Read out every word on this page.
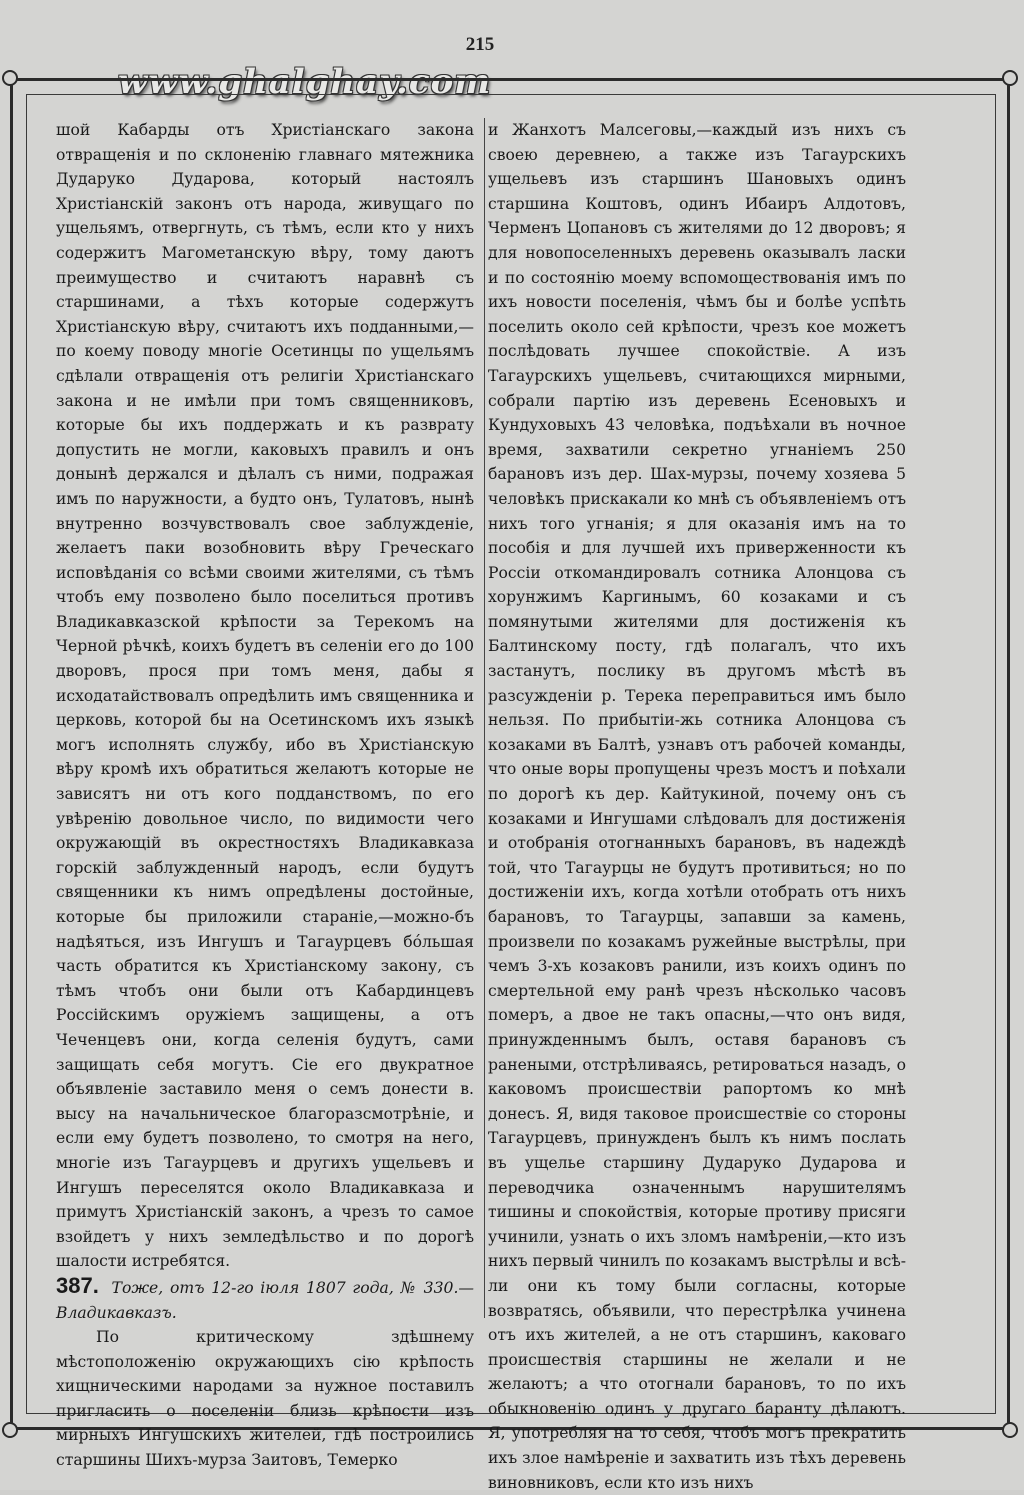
215
www.ghalghay.com

шой Кабарды отъ Христіанскаго закона отвращенія и по склоненію главнаго мятежника Дударуко Дударова, который настоялъ Христіанскій законъ отъ народа, живущаго по ущельямъ, отвергнуть, съ тѣмъ, если кто у нихъ содержитъ Магометанскую вѣру, тому даютъ преимущество и считаютъ наравнѣ съ старшинами, а тѣхъ которые содержутъ Христіанскую вѣру, считаютъ ихъ подданными,—по коему поводу многіе Осетинцы по ущельямъ сдѣлали отвращенія отъ религіи Христіанскаго закона и не имѣли при томъ священниковъ, которые бы ихъ поддержать и къ разврату допустить не могли, каковыхъ правилъ и онъ донынѣ держался и дѣлалъ съ ними, подражая имъ по наружности, а будто онъ, Тулатовъ, нынѣ внутренно возчувствовалъ свое заблужденіе, желаетъ паки возобновить вѣру Греческаго исповѣданія со всѣми своими жителями, съ тѣмъ чтобъ ему позволено было поселиться противъ Владикавказской крѣпости за Терекомъ на Черной рѣчкѣ, коихъ будетъ въ селеніи его до 100 дворовъ, прося при томъ меня, дабы я исходатайствовалъ опредѣлить имъ священника и церковь, которой бы на Осетинскомъ ихъ языкѣ могъ исполнять службу, ибо въ Христіанскую вѣру кромѣ ихъ обратиться желаютъ которые не зависятъ ни отъ кого подданствомъ, по его увѣренію довольное число, по видимости чего окружающій въ окрестностяхъ Владикавказа горскій заблужденный народъ, если будутъ священники къ нимъ опредѣлены достойные, которые бы приложили стараніе,—можно-бъ надѣяться, изъ Ингушъ и Тагаурцевъ бо́льшая часть обратится къ Христіанскому закону, съ тѣмъ чтобъ они были отъ Кабардинцевъ Россійскимъ оружіемъ защищены, а отъ Чеченцевъ они, когда селенія будутъ, сами защищать себя могутъ. Сіе его двукратное объявленіе заставило меня о семъ донести в. высу на начальническое благоразсмотрѣніе, и если ему будетъ позволено, то смотря на него, многіе изъ Тагаурцевъ и другихъ ущельевъ и Ингушъ переселятся около Владикавказа и примутъ Христіанскій законъ, а чрезъ то самое взойдетъ у нихъ земледѣльство и по дорогѣ шалости истребятся.

387. Тоже, отъ 12-го іюля 1807 года, № 330.— Владикавказъ.

По критическому здѣшнему мѣстоположенію окружающихъ сію крѣпость хищническими народами за нужное поставилъ пригласить о поселеніи близь крѣпости изъ мирныхъ Ингушскихъ жителей, гдѣ построились старшины Шихъ-мурза Заитовъ, Темерко

и Жанхотъ Малсеговы,—каждый изъ нихъ съ своею деревнею, а также изъ Тагаурскихъ ущельевъ изъ старшинъ Шановыхъ одинъ старшина Коштовъ, одинъ Ибаиръ Алдотовъ, Черменъ Цопановъ съ жителями до 12 дворовъ; я для новопоселенныхъ деревень оказывалъ ласки и по состоянію моему вспомоществованія имъ по ихъ новости поселенія, чѣмъ бы и болѣе успѣть поселить около сей крѣпости, чрезъ кое можетъ послѣдовать лучшее спокойствіе. А изъ Тагаурскихъ ущельевъ, считающихся мирными, собрали партію изъ деревень Есеновыхъ и Кундуховыхъ 43 человѣка, подъѣхали въ ночное время, захватили секретно угнаніемъ 250 барановъ изъ дер. Шах-мурзы, почему хозяева 5 человѣкъ прискакали ко мнѣ съ объявленіемъ отъ нихъ того угнанія; я для оказанія имъ на то пособія и для лучшей ихъ приверженности къ Россіи откомандировалъ сотника Алонцова съ хорунжимъ Каргинымъ, 60 козаками и съ помянутыми жителями для достиженія къ Балтинскому посту, гдѣ полагалъ, что ихъ застанутъ, послику въ другомъ мѣстѣ въ разсужденіи р. Терека переправиться имъ было нельзя. По прибытіи-жь сотника Алонцова съ козаками въ Балтѣ, узнавъ отъ рабочей команды, что оные воры пропущены чрезъ мостъ и поѣхали по дорогѣ къ дер. Кайтукиной, почему онъ съ козаками и Ингушами слѣдовалъ для достиженія и отобранія отогнанныхъ барановъ, въ надеждѣ той, что Тагаурцы не будутъ противиться; но по достиженіи ихъ, когда хотѣли отобрать отъ нихъ барановъ, то Тагаурцы, запавши за камень, произвели по козакамъ ружейные выстрѣлы, при чемъ 3-хъ козаковъ ранили, изъ коихъ одинъ по смертельной ему ранѣ чрезъ нѣсколько часовъ померъ, а двое не такъ опасны,—что онъ видя, принужденнымъ былъ, оставя барановъ съ ранеными, отстрѣливаясь, ретироваться назадъ, о каковомъ происшествіи рапортомъ ко мнѣ донесъ. Я, видя таковое происшествіе со стороны Тагаурцевъ, принужденъ былъ къ нимъ послать въ ущелье старшину Дударуко Дударова и переводчика означеннымъ нарушителямъ тишины и спокойствія, которые противу присяги учинили, узнать о ихъ зломъ намѣреніи,—кто изъ нихъ первый чинилъ по козакамъ выстрѣлы и всѣ-ли они къ тому были согласны, которые возвратясь, объявили, что перестрѣлка учинена отъ ихъ жителей, а не отъ старшинъ, каковаго происшествія старшины не желали и не желаютъ; а что отогнали барановъ, то по ихъ обыкновенію одинъ у другаго баранту дѣлаютъ. Я, употребляя на то себя, чтобъ могъ прекратить ихъ злое намѣреніе и захватить изъ тѣхъ деревень виновниковъ, если кто изъ нихъ
